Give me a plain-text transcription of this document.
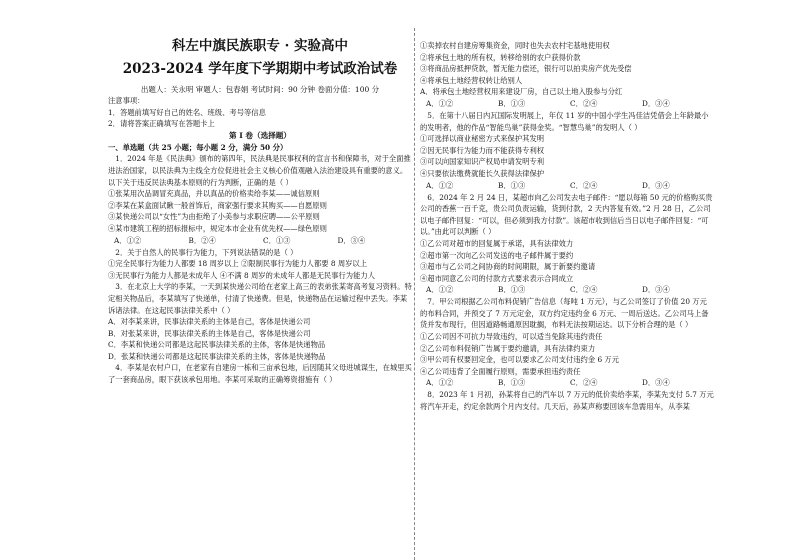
科左中旗民族职专 · 实验高中
2023-2024 学年度下学期期中考试政治试卷
出题人：关永明 审题人：包春娟 考试时间：90 分钟 卷面分值：100 分
注意事项：
1．答题前填写好自己的姓名、班级、考号等信息
2．请将答案正确填写在答题卡上
第 I 卷（选择题）
一、单选题（共 25 小题；每小题 2 分，满分 50 分）
1．2024 年是《民法典》颁布的第四年，民法典是民事权利的宣言书和保障书，对于全面推进法治国家，以民法典为主线全方位促进社会主义核心价值观融入法治建设具有重要的意义。以下关于违反民法典基本原则的行为判断，正确的是（ ）
①张某用次品调冒充真品，并以真品的价格卖给李某——诚信原则
②李某在某盒面试瞅一般首饰后，商家强行要求其购买——自愿原则
③某快递公司以“女性”为由拒绝了小美参与求职应聘——公平原则
④某市建筑工程的招标报标中，规定本市企业有优先权——绿色原则
A．①②	B．②④	C．①③	D．③④
2．关于自然人的民事行为能力，下列说法错误的是（ ）
①完全民事行为能力人都要 18 周岁以上 ②限制民事行为能力人都要 8 周岁以上
③无民事行为能力人都是未成年人 ④不满 8 周岁的未成年人都是无民事行为能力人
3．在北京上大学的李某，一天到某快递公司给在老家上高三的表弟张某寄高考复习资料。特定相关物品后，李某填写了快递单，付清了快递费。但是，快递物品在运输过程中丢失。李某诉诸法律。在这起民事法律关系中（ ）
A．对李某来讲，民事法律关系的主体是自己，客体是快递公司
B．对张某来讲，民事法律关系的主体是自己，客体是快递公司
C．李某和快递公司都是这起民事法律关系的主体，客体是快递物品
D．张某和快递公司都是这起民事法律关系的主体，客体是快递物品
4．李某是农村户口，在老家有自建房一栋和三亩承包地，后因随其父母进城谋生，在城里买了一套商品房，眼下获该承包用地。李某可采取的正确筹资措施有（ ）
①卖掉农村自建房筹集资金，同时也失去农村宅基地使用权
②将承包土地的所有权，转移给别的农户获得价款
③将商品房抵押贷款，暂无能力偿还，银行可以拍卖房产优先受偿
④将承包土地经营权转让给别人
A．将承包土地经营权用来建设厂房，自己以土地入股参与分红
A．①②	B．①③	C．②④	D．③④
5．在第十八届日内瓦国际发明展上，年仅 11 岁的中国小学生冯佳洁凭借会上年龄最小的发明者，他的作品“智能鸟巢”获得金奖。“智慧鸟巢”的发明人（ ）
①可选择以商业秘密方式来保护其发明
②因无民事行为能力而不能获得专利权
③可以向国家知识产权局申请发明专利
④只要依法缴费就能长久获得法律保护
A．①②	B．①③	C．②④	D．③④
6．2024 年 2 月 24 日，某超市向乙公司发去电子邮件：“愿以每箱 50 元的价格购买贵公司的香蕉一百千克，贵公司负责运输，货到付款，2 天内答复有效。”2 月 28 日，乙公司以电子邮件回复：“可以，但必须到我方付款”。该超市收到信后当日以电子邮件回复：“可以。”由此可以判断（ ）
①乙公司对超市的回复属于承诺，具有法律效力
②超市第一次向乙公司发送的电子邮件属于要约
③超市与乙公司之间协商的时间期限，属于新要约邀请
④超市同意乙公司的付款方式要求表示合同成立
A．①②	B．①③	C．②④	D．③④
7．甲公司根据乙公司布料促销广告信息（每吨 1 万元），与乙公司签订了价值 20 万元的布料合同，并预交了 7 万元定金，双方约定违约金 6 万元、一周后送达。乙公司马上备货并发布现行，但因道路畅通原因耽搁，布料无法按期运达。以下分析合理的是（ ）
①乙公司因不可抗力导致违约，可以适当免除其违约责任
②乙公司布料促销广告属于要约邀请，具有法律约束力
③甲公司有权要回定金，也可以要求乙公司支付违约金 6 万元
④乙公司违背了全面履行原则，需要承担违约责任
A．①②	B．①③	C．②④	D．③④
8．2023 年 1 月初，孙某将自己的汽车以 7 万元的低价卖给李某，李某先支付 5.7 万元将汽车开走，约定余款两个月内支付。几天后，孙某声称要回该车急需用车，从李某
